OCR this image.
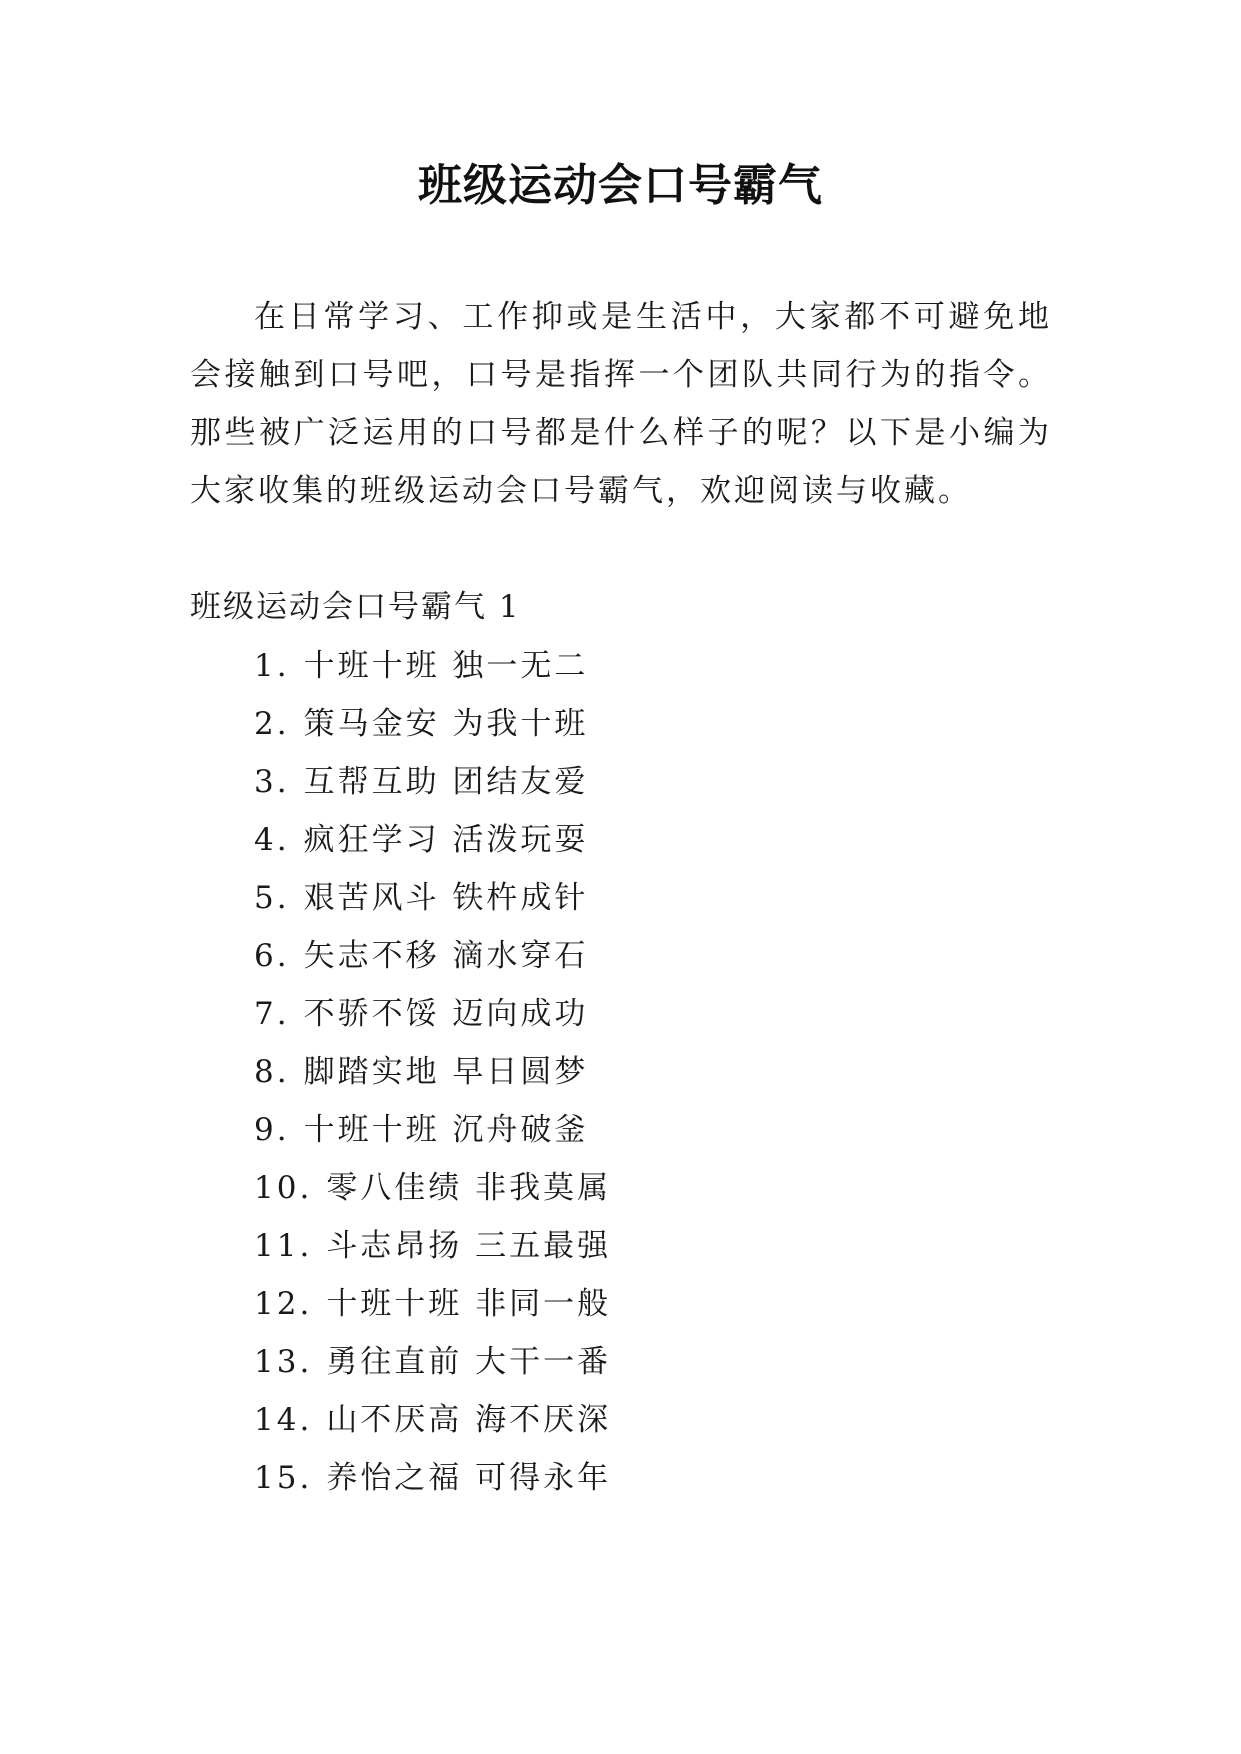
班级运动会口号霸气

在日常学习、工作抑或是生活中，大家都不可避免地会接触到口号吧，口号是指挥一个团队共同行为的指令。那些被广泛运用的口号都是什么样子的呢？以下是小编为大家收集的班级运动会口号霸气，欢迎阅读与收藏。

班级运动会口号霸气 1
1. 十班十班 独一无二
2. 策马金安 为我十班
3. 互帮互助 团结友爱
4. 疯狂学习 活泼玩耍
5. 艰苦风斗 铁杵成针
6. 矢志不移 滴水穿石
7. 不骄不馁 迈向成功
8. 脚踏实地 早日圆梦
9. 十班十班 沉舟破釜
10. 零八佳绩 非我莫属
11. 斗志昂扬 三五最强
12. 十班十班 非同一般
13. 勇往直前 大干一番
14. 山不厌高 海不厌深
15. 养怡之福 可得永年
